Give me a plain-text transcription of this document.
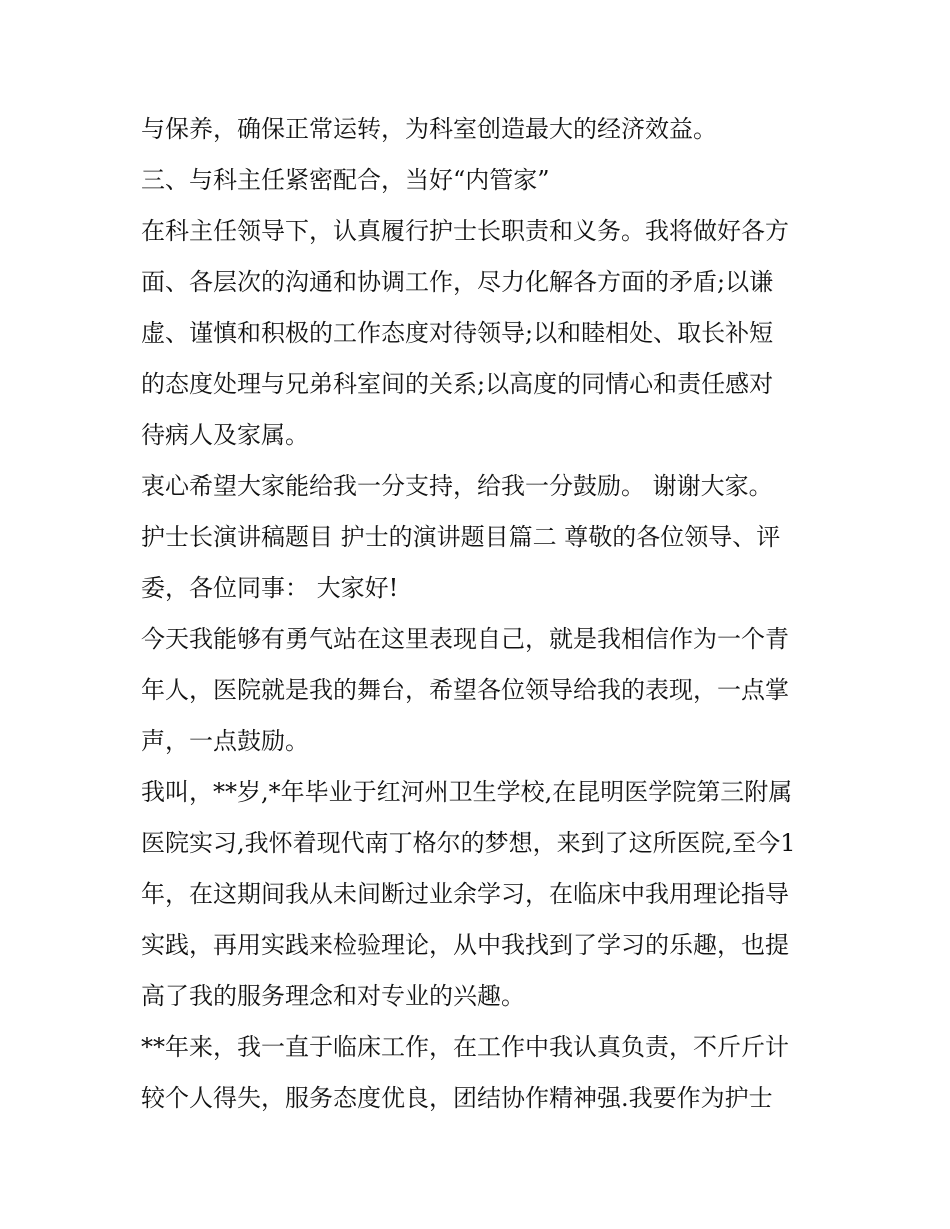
与保养，确保正常运转，为科室创造最大的经济效益。
三、与科主任紧密配合，当好“内管家”
在科主任领导下，认真履行护士长职责和义务。我将做好各方
面、各层次的沟通和协调工作，尽力化解各方面的矛盾;以谦
虚、谨慎和积极的工作态度对待领导;以和睦相处、取长补短
的态度处理与兄弟科室间的关系;以高度的同情心和责任感对
待病人及家属。
衷心希望大家能给我一分支持，给我一分鼓励。 谢谢大家。
护士长演讲稿题目 护士的演讲题目篇二 尊敬的各位领导、评
委，各位同事： 大家好!
今天我能够有勇气站在这里表现自己，就是我相信作为一个青
年人，医院就是我的舞台，希望各位领导给我的表现，一点掌
声，一点鼓励。
我叫，**岁,*年毕业于红河州卫生学校,在昆明医学院第三附属
医院实习,我怀着现代南丁格尔的梦想，来到了这所医院,至今1
年，在这期间我从未间断过业余学习，在临床中我用理论指导
实践，再用实践来检验理论，从中我找到了学习的乐趣，也提
高了我的服务理念和对专业的兴趣。
**年来，我一直于临床工作，在工作中我认真负责，不斤斤计
较个人得失，服务态度优良，团结协作精神强.我要作为护士
